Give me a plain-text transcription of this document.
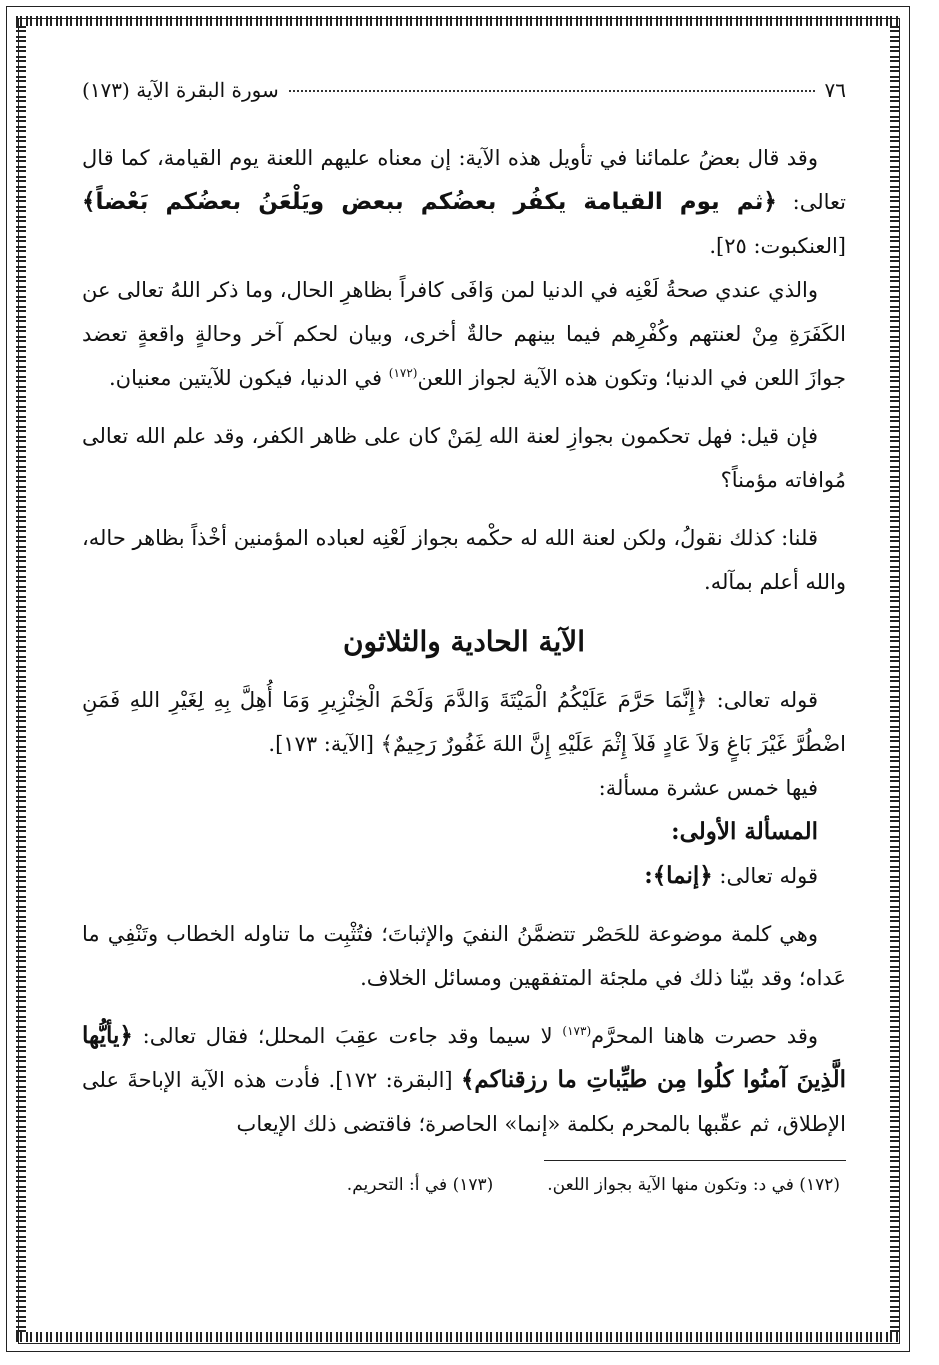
٧٦
سورة البقرة الآية (١٧٣)

وقد قال بعضُ علمائنا في تأويل هذه الآية: إن معناه عليهم اللعنة يوم القيامة، كما قال تعالى: ﴿ثم يوم القيامة يكفُر بعضُكم ببعض ويَلْعَنُ بعضُكم بَعْضاً﴾ [العنكبوت: ٢٥].

والذي عندي صحةُ لَعْنِه في الدنيا لمن وَافَى كافراً بظاهرِ الحال، وما ذكر اللهُ تعالى عن الكَفَرَةِ مِنْ لعنتهم وكُفْرِهم فيما بينهم حالةٌ أخرى، وبيان لحكم آخر وحالةٍ واقعةٍ تعضد جوازَ اللعن في الدنيا؛ وتكون هذه الآية لجواز اللعن$^{(١٧٢)}$ في الدنيا، فيكون للآيتين معنيان.

فإن قيل: فهل تحكمون بجوازِ لعنة الله لِمَنْ كان على ظاهر الكفر، وقد علم الله تعالى مُوافاته مؤمناً؟

قلنا: كذلك نقولُ، ولكن لعنة الله له حكْمه بجواز لَعْنِه لعباده المؤمنين أخْذاً بظاهر حاله، والله أعلم بمآله.

الآية الحادية والثلاثون

قوله تعالى: ﴿إِنَّمَا حَرَّمَ عَلَيْكُمُ الْمَيْتَةَ وَالدَّمَ وَلَحْمَ الْخِنْزِيرِ وَمَا أُهِلَّ بِهِ لِغَيْرِ اللهِ فَمَنِ اضْطُرَّ غَيْرَ بَاغٍ وَلاَ عَادٍ فَلاَ إِثْمَ عَلَيْهِ إِنَّ اللهَ غَفُورٌ رَحِيمٌ﴾ [الآية: ١٧٣].

فيها خمس عشرة مسألة:

المسألة الأولى:

قوله تعالى: ﴿إنما﴾:

وهي كلمة موضوعة للحَصْر تتضمَّنُ النفيَ والإثباتَ؛ فتُثْبِت ما تناوله الخطاب وتَنْفِي ما عَداه؛ وقد بيّنا ذلك في ملجئة المتفقهين ومسائل الخلاف.

وقد حصرت هاهنا المحرَّم$^{(١٧٣)}$ لا سيما وقد جاءت عقِبَ المحلل؛ فقال تعالى: ﴿يأيُّها الَّذِينَ آمنُوا كلُوا مِن طيِّباتِ ما رزقناكم﴾ [البقرة: ١٧٢]. فأدت هذه الآية الإباحةَ على الإطلاق، ثم عقّبها بالمحرم بكلمة «إنما» الحاصرة؛ فاقتضى ذلك الإيعاب

(١٧٢) في د: وتكون منها الآية بجواز اللعن.
(١٧٣) في أ: التحريم.
